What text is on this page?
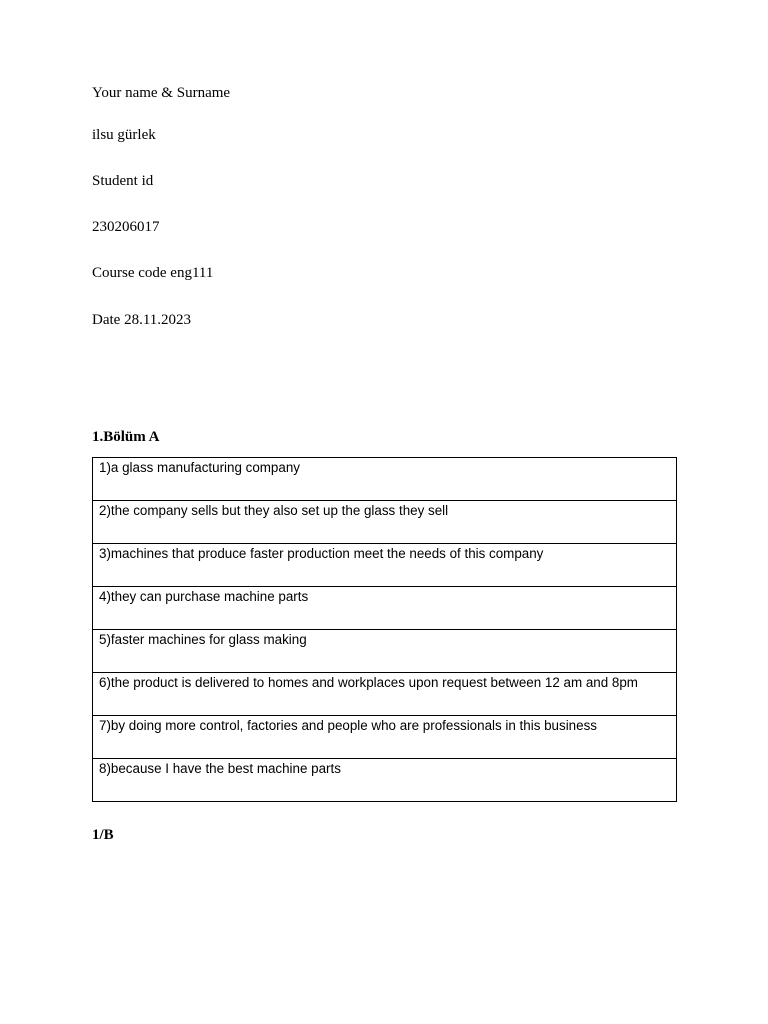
Your name & Surname
ilsu gürlek
Student id
230206017
Course code eng111
Date 28.11.2023
1.Bölüm A
1)a glass manufacturing company

2)the company sells but they also set up the glass they sell

3)machines that produce faster production meet the needs of this company

4)they can purchase machine parts

5)faster machines for glass making

6)the product is delivered to homes and workplaces upon request between 12 am and 8pm

7)by doing more control, factories and people who are professionals in this business

8)because I have the best machine parts
1/B
